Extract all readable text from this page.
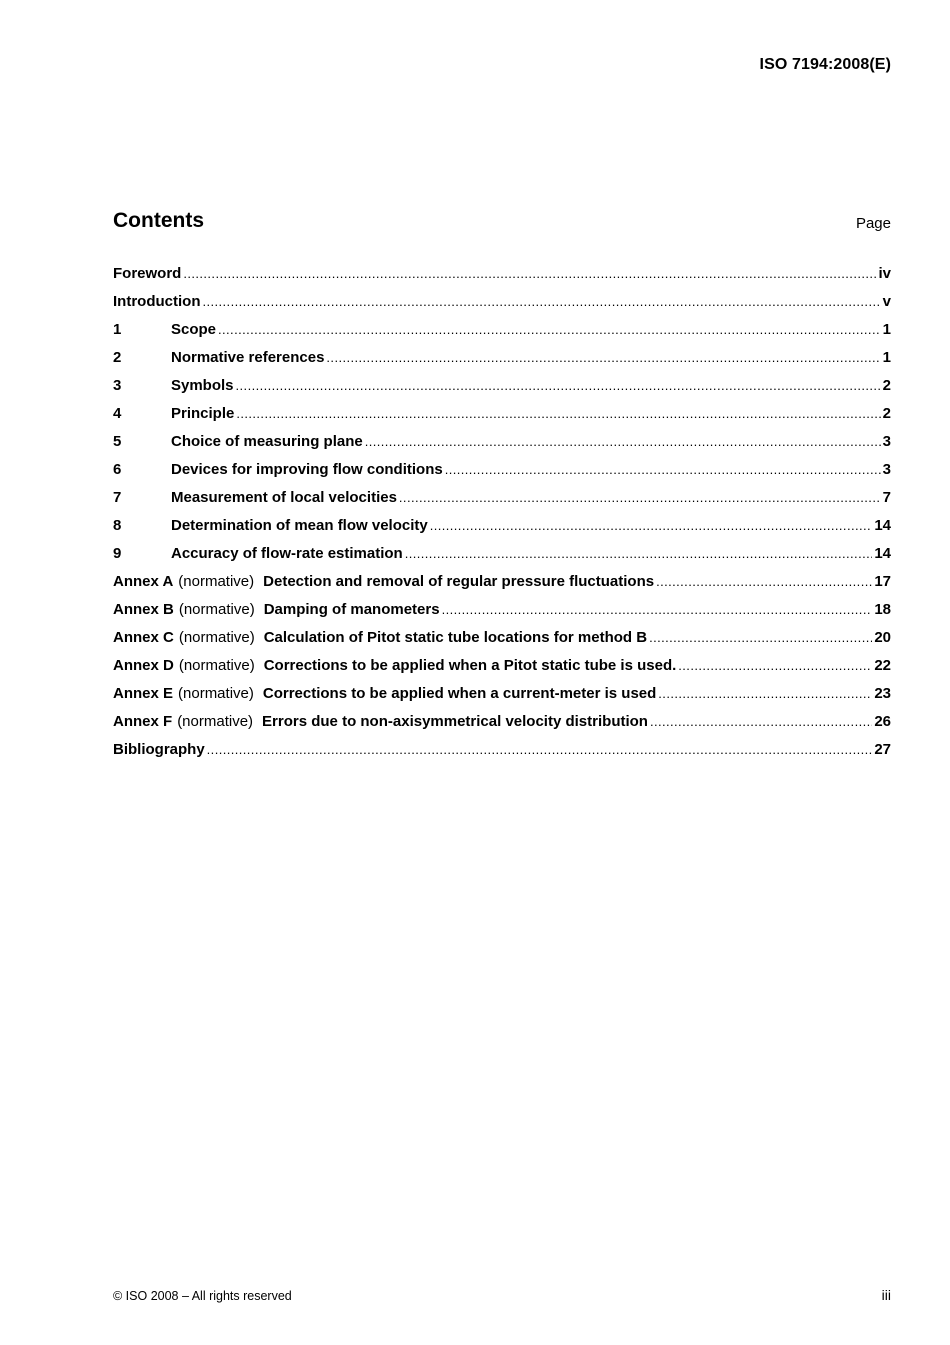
ISO 7194:2008(E)
Contents	Page
Foreword .....	iv
Introduction .....	v
1	Scope .....	1
2	Normative references .....	1
3	Symbols .....	2
4	Principle .....	2
5	Choice of measuring plane .....	3
6	Devices for improving flow conditions .....	3
7	Measurement of local velocities .....	7
8	Determination of mean flow velocity .....	14
9	Accuracy of flow-rate estimation .....	14
Annex A (normative) Detection and removal of regular pressure fluctuations .....	17
Annex B (normative) Damping of manometers .....	18
Annex C (normative) Calculation of Pitot static tube locations for method B .....	20
Annex D (normative) Corrections to be applied when a Pitot static tube is used. .....	22
Annex E (normative) Corrections to be applied when a current-meter is used .....	23
Annex F (normative) Errors due to non-axisymmetrical velocity distribution .....	26
Bibliography .....	27
© ISO 2008 – All rights reserved	iii
